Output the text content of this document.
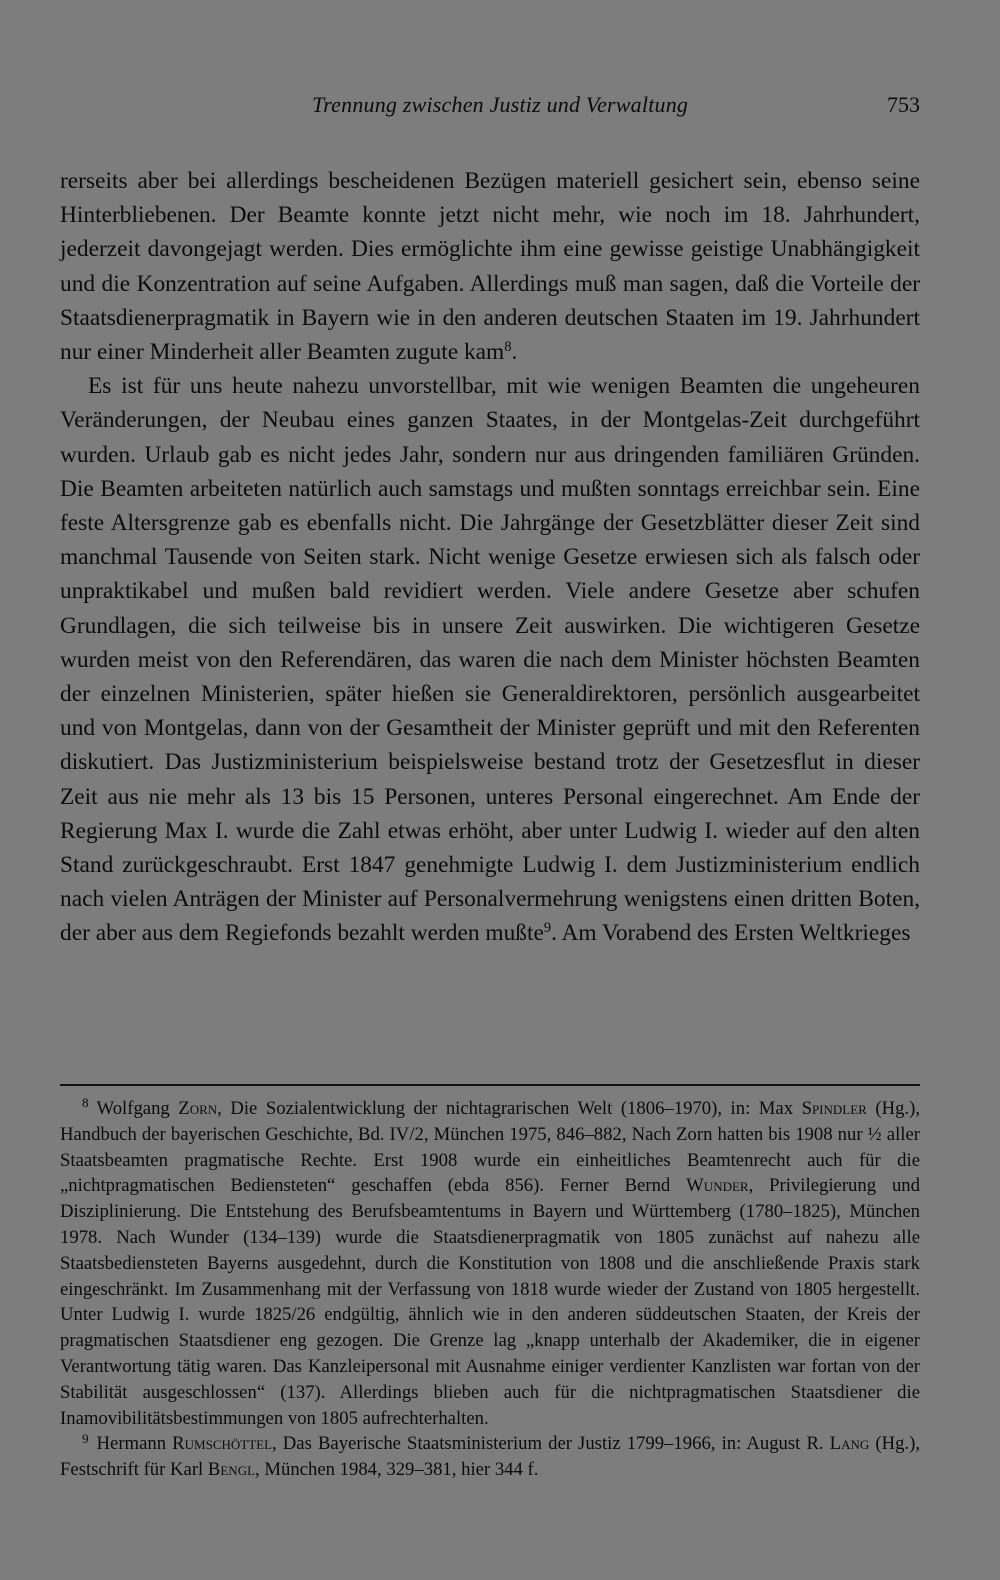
Trennung zwischen Justiz und Verwaltung	753

rerseits aber bei allerdings bescheidenen Bezügen materiell gesichert sein, ebenso seine Hinterbliebenen. Der Beamte konnte jetzt nicht mehr, wie noch im 18. Jahrhundert, jederzeit davongejagt werden. Dies ermöglichte ihm eine gewisse geistige Unabhängigkeit und die Konzentration auf seine Aufgaben. Allerdings muß man sagen, daß die Vorteile der Staatsdienerpragmatik in Bayern wie in den anderen deutschen Staaten im 19. Jahrhundert nur einer Minderheit aller Beamten zugute kam$^8$.

Es ist für uns heute nahezu unvorstellbar, mit wie wenigen Beamten die ungeheuren Veränderungen, der Neubau eines ganzen Staates, in der Montgelas-Zeit durchgeführt wurden. Urlaub gab es nicht jedes Jahr, sondern nur aus dringenden familiären Gründen. Die Beamten arbeiteten natürlich auch samstags und mußten sonntags erreichbar sein. Eine feste Altersgrenze gab es ebenfalls nicht. Die Jahrgänge der Gesetzblätter dieser Zeit sind manchmal Tausende von Seiten stark. Nicht wenige Gesetze erwiesen sich als falsch oder unpraktikabel und mußen bald revidiert werden. Viele andere Gesetze aber schufen Grundlagen, die sich teilweise bis in unsere Zeit auswirken. Die wichtigeren Gesetze wurden meist von den Referendären, das waren die nach dem Minister höchsten Beamten der einzelnen Ministerien, später hießen sie Generaldirektoren, persönlich ausgearbeitet und von Montgelas, dann von der Gesamtheit der Minister geprüft und mit den Referenten diskutiert. Das Justizministerium beispielsweise bestand trotz der Gesetzesflut in dieser Zeit aus nie mehr als 13 bis 15 Personen, unteres Personal eingerechnet. Am Ende der Regierung Max I. wurde die Zahl etwas erhöht, aber unter Ludwig I. wieder auf den alten Stand zurückgeschraubt. Erst 1847 genehmigte Ludwig I. dem Justizministerium endlich nach vielen Anträgen der Minister auf Personalvermehrung wenigstens einen dritten Boten, der aber aus dem Regiefonds bezahlt werden mußte$^9$. Am Vorabend des Ersten Weltkrieges

$^8$ Wolfgang Zorn, Die Sozialentwicklung der nichtagrarischen Welt (1806–1970), in: Max Spindler (Hg.), Handbuch der bayerischen Geschichte, Bd. IV/2, München 1975, 846–882, Nach Zorn hatten bis 1908 nur ½ aller Staatsbeamten pragmatische Rechte. Erst 1908 wurde ein einheitliches Beamtenrecht auch für die „nichtpragmatischen Bediensteten“ geschaffen (ebda 856). Ferner Bernd Wunder, Privilegierung und Disziplinierung. Die Entstehung des Berufsbeamtentums in Bayern und Württemberg (1780–1825), München 1978. Nach Wunder (134–139) wurde die Staatsdienerpragmatik von 1805 zunächst auf nahezu alle Staatsbediensteten Bayerns ausgedehnt, durch die Konstitution von 1808 und die anschließende Praxis stark eingeschränkt. Im Zusammenhang mit der Verfassung von 1818 wurde wieder der Zustand von 1805 hergestellt. Unter Ludwig I. wurde 1825/26 endgültig, ähnlich wie in den anderen süddeutschen Staaten, der Kreis der pragmatischen Staatsdiener eng gezogen. Die Grenze lag „knapp unterhalb der Akademiker, die in eigener Verantwortung tätig waren. Das Kanzleipersonal mit Ausnahme einiger verdienter Kanzlisten war fortan von der Stabilität ausgeschlossen“ (137). Allerdings blieben auch für die nichtpragmatischen Staatsdiener die Inamovibilitätsbestimmungen von 1805 aufrechterhalten.

$^9$ Hermann Rumschöttel, Das Bayerische Staatsministerium der Justiz 1799–1966, in: August R. Lang (Hg.), Festschrift für Karl Bengl, München 1984, 329–381, hier 344 f.
